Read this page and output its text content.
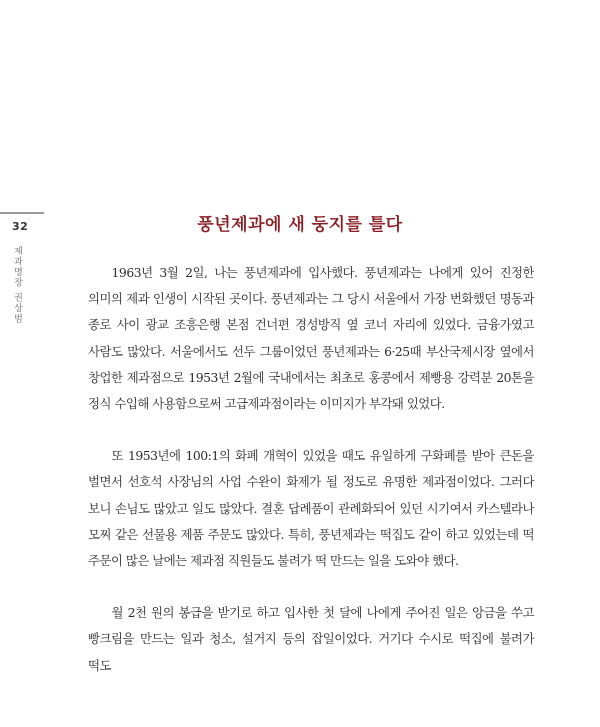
32
제과명장 권상범
풍년제과에 새 둥지를 틀다

1963년 3월 2일, 나는 풍년제과에 입사했다. 풍년제과는 나에게 있어 진정한 의미의 제과 인생이 시작된 곳이다. 풍년제과는 그 당시 서울에서 가장 번화했던 명동과 종로 사이 광교 조흥은행 본점 건너편 경성방직 옆 코너 자리에 있었다. 금융가였고 사람도 많았다. 서울에서도 선두 그룹이었던 풍년제과는 6·25때 부산국제시장 옆에서 창업한 제과점으로 1953년 2월에 국내에서는 최초로 홍콩에서 제빵용 강력분 20톤을 정식 수입해 사용함으로써 고급제과점이라는 이미지가 부각돼 있었다.

또 1953년에 100:1의 화폐 개혁이 있었을 때도 유일하게 구화폐를 받아 큰돈을 벌면서 선호석 사장님의 사업 수완이 화제가 될 정도로 유명한 제과점이었다. 그러다 보니 손님도 많았고 일도 많았다. 결혼 답례품이 관례화되어 있던 시기여서 카스텔라나 모찌 같은 선물용 제품 주문도 많았다. 특히, 풍년제과는 떡집도 같이 하고 있었는데 떡 주문이 많은 날에는 제과점 직원들도 불려가 떡 만드는 일을 도와야 했다.

월 2천 원의 봉급을 받기로 하고 입사한 첫 달에 나에게 주어진 일은 앙금을 쑤고 빵크림을 만드는 일과 청소, 설거지 등의 잡일이었다. 거기다 수시로 떡집에 불려가 떡도
